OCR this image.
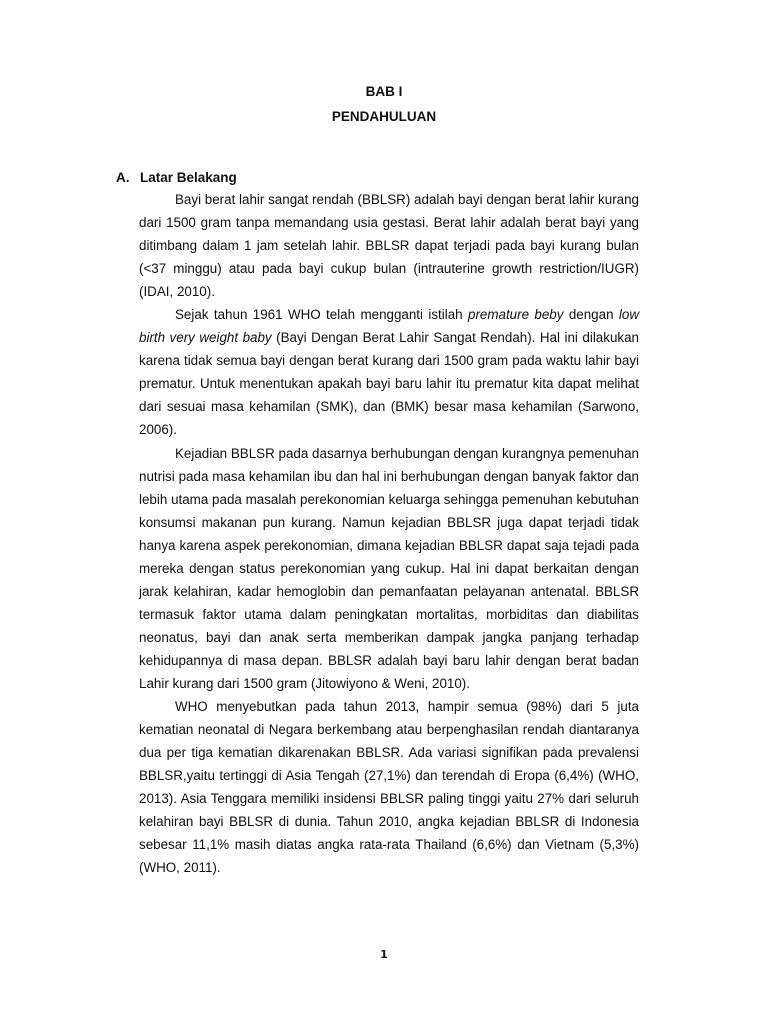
BAB I
PENDAHULUAN
A. Latar Belakang

Bayi berat lahir sangat rendah (BBLSR) adalah bayi dengan berat lahir kurang dari 1500 gram tanpa memandang usia gestasi. Berat lahir adalah berat bayi yang ditimbang dalam 1 jam setelah lahir. BBLSR dapat terjadi pada bayi kurang bulan (<37 minggu) atau pada bayi cukup bulan (intrauterine growth restriction/IUGR) (IDAI, 2010).

Sejak tahun 1961 WHO telah mengganti istilah premature beby dengan low birth very weight baby (Bayi Dengan Berat Lahir Sangat Rendah). Hal ini dilakukan karena tidak semua bayi dengan berat kurang dari 1500 gram pada waktu lahir bayi prematur. Untuk menentukan apakah bayi baru lahir itu prematur kita dapat melihat dari sesuai masa kehamilan (SMK), dan (BMK) besar masa kehamilan (Sarwono, 2006).

Kejadian BBLSR pada dasarnya berhubungan dengan kurangnya pemenuhan nutrisi pada masa kehamilan ibu dan hal ini berhubungan dengan banyak faktor dan lebih utama pada masalah perekonomian keluarga sehingga pemenuhan kebutuhan konsumsi makanan pun kurang. Namun kejadian BBLSR juga dapat terjadi tidak hanya karena aspek perekonomian, dimana kejadian BBLSR dapat saja tejadi pada mereka dengan status perekonomian yang cukup. Hal ini dapat berkaitan dengan jarak kelahiran, kadar hemoglobin dan pemanfaatan pelayanan antenatal. BBLSR termasuk faktor utama dalam peningkatan mortalitas, morbiditas dan diabilitas neonatus, bayi dan anak serta memberikan dampak jangka panjang terhadap kehidupannya di masa depan. BBLSR adalah bayi baru lahir dengan berat badan Lahir kurang dari 1500 gram (Jitowiyono & Weni, 2010).

WHO menyebutkan pada tahun 2013, hampir semua (98%) dari 5 juta kematian neonatal di Negara berkembang atau berpenghasilan rendah diantaranya dua per tiga kematian dikarenakan BBLSR. Ada variasi signifikan pada prevalensi BBLSR,yaitu tertinggi di Asia Tengah (27,1%) dan terendah di Eropa (6,4%) (WHO, 2013). Asia Tenggara memiliki insidensi BBLSR paling tinggi yaitu 27% dari seluruh kelahiran bayi BBLSR di dunia. Tahun 2010, angka kejadian BBLSR di Indonesia sebesar 11,1% masih diatas angka rata-rata Thailand (6,6%) dan Vietnam (5,3%) (WHO, 2011).

1
